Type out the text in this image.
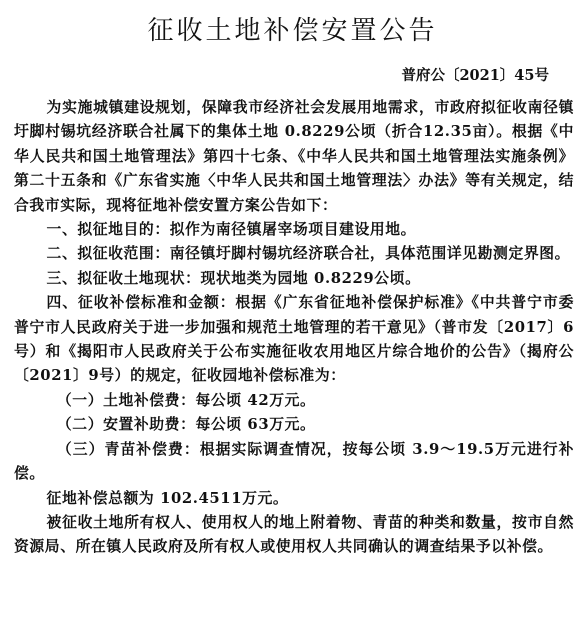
征收土地补偿安置公告
普府公〔2021〕45号

为实施城镇建设规划，保障我市经济社会发展用地需求，市政府拟征收南径镇圩脚村锡坑经济联合社属下的集体土地 0.8229公顷（折合12.35亩）。根据《中华人民共和国土地管理法》第四十七条、《中华人民共和国土地管理法实施条例》第二十五条和《广东省实施〈中华人民共和国土地管理法〉办法》等有关规定，结合我市实际，现将征地补偿安置方案公告如下：

一、拟征地目的：拟作为南径镇屠宰场项目建设用地。

二、拟征收范围：南径镇圩脚村锡坑经济联合社，具体范围详见勘测定界图。

三、拟征收土地现状：现状地类为园地 0.8229公顷。

四、征收补偿标准和金额：根据《广东省征地补偿保护标准》《中共普宁市委 普宁市人民政府关于进一步加强和规范土地管理的若干意见》（普市发〔2017〕6号）和《揭阳市人民政府关于公布实施征收农用地区片综合地价的公告》（揭府公〔2021〕9号）的规定，征收园地补偿标准为：

（一）土地补偿费：每公顷 42万元。

（二）安置补助费：每公顷 63万元。

（三）青苗补偿费：根据实际调查情况，按每公顷 3.9～19.5万元进行补偿。

征地补偿总额为 102.4511万元。

被征收土地所有权人、使用权人的地上附着物、青苗的种类和数量，按市自然资源局、所在镇人民政府及所有权人或使用权人共同确认的调查结果予以补偿。
